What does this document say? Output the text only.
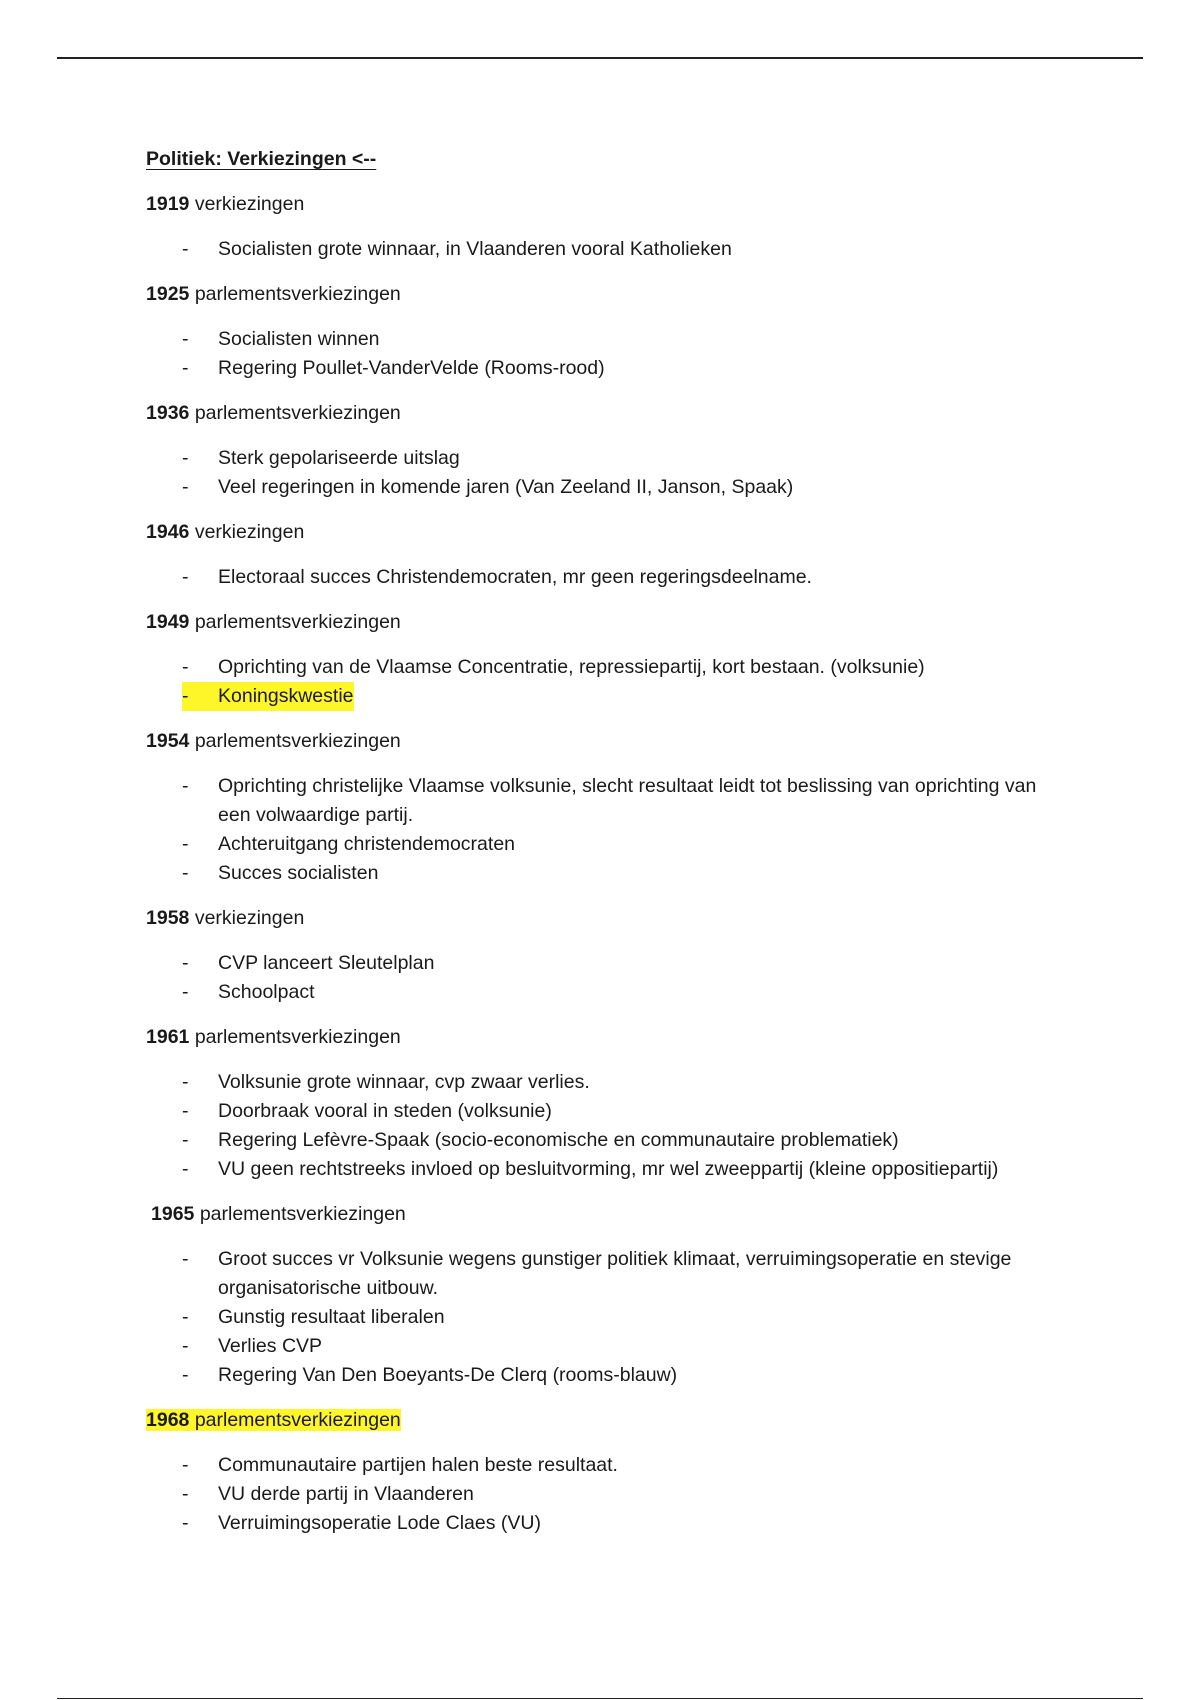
Politiek: Verkiezingen <--

1919 verkiezingen

- Socialisten grote winnaar, in Vlaanderen vooral Katholieken

1925 parlementsverkiezingen

- Socialisten winnen
- Regering Poullet-VanderVelde (Rooms-rood)

1936 parlementsverkiezingen

- Sterk gepolariseerde uitslag
- Veel regeringen in komende jaren (Van Zeeland II, Janson, Spaak)

1946 verkiezingen

- Electoraal succes Christendemocraten, mr geen regeringsdeelname.

1949 parlementsverkiezingen

- Oprichting van de Vlaamse Concentratie, repressiepartij, kort bestaan. (volksunie)
- Koningskwestie

1954 parlementsverkiezingen

- Oprichting christelijke Vlaamse volksunie, slecht resultaat leidt tot beslissing van oprichting van een volwaardige partij.
- Achteruitgang christendemocraten
- Succes socialisten

1958 verkiezingen

- CVP lanceert Sleutelplan
- Schoolpact

1961 parlementsverkiezingen

- Volksunie grote winnaar, cvp zwaar verlies.
- Doorbraak vooral in steden (volksunie)
- Regering Lefèvre-Spaak (socio-economische en communautaire problematiek)
- VU geen rechtstreeks invloed op besluitvorming, mr wel zweeppartij (kleine oppositiepartij)

1965 parlementsverkiezingen

- Groot succes vr Volksunie wegens gunstiger politiek klimaat, verruimingsoperatie en stevige organisatorische uitbouw.
- Gunstig resultaat liberalen
- Verlies CVP
- Regering Van Den Boeyants-De Clerq (rooms-blauw)

1968 parlementsverkiezingen

- Communautaire partijen halen beste resultaat.
- VU derde partij in Vlaanderen
- Verruimingsoperatie Lode Claes (VU)
